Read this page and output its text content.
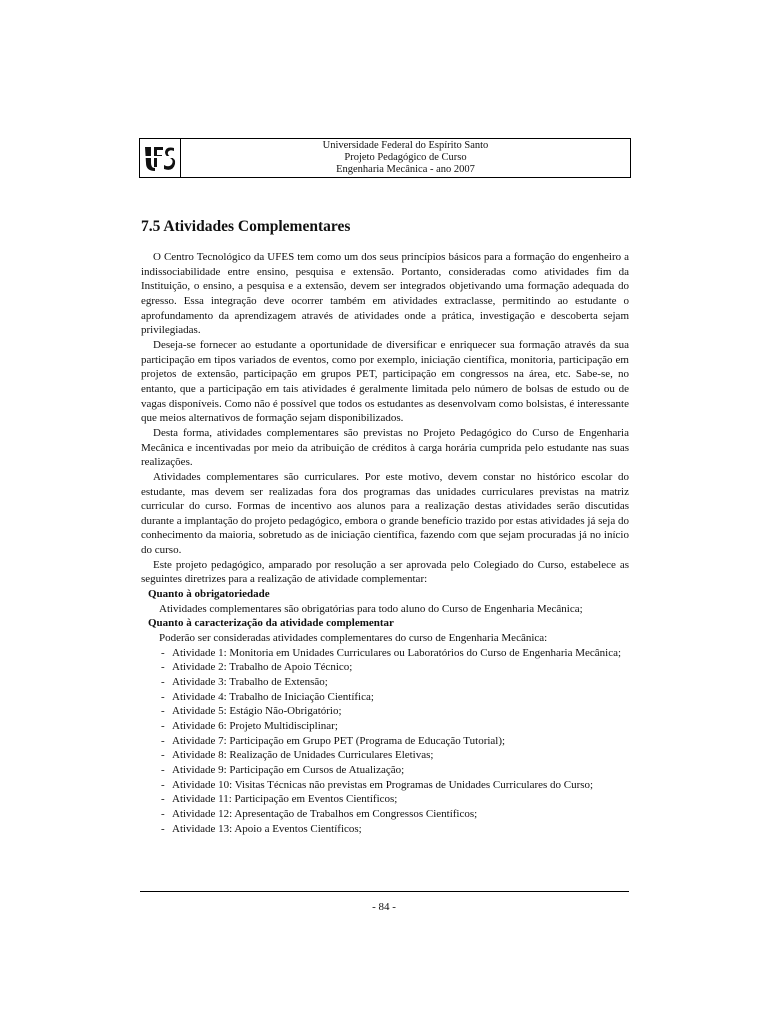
Universidade Federal do Espírito Santo
Projeto Pedagógico de Curso
Engenharia Mecânica - ano 2007
7.5 Atividades Complementares

O Centro Tecnológico da UFES tem como um dos seus princípios básicos para a formação do engenheiro a indissociabilidade entre ensino, pesquisa e extensão. Portanto, consideradas como atividades fim da Instituição, o ensino, a pesquisa e a extensão, devem ser integrados objetivando uma formação adequada do egresso. Essa integração deve ocorrer também em atividades extraclasse, permitindo ao estudante o aprofundamento da aprendizagem através de atividades onde a prática, investigação e descoberta sejam privilegiadas.

Deseja-se fornecer ao estudante a oportunidade de diversificar e enriquecer sua formação através da sua participação em tipos variados de eventos, como por exemplo, iniciação científica, monitoria, participação em projetos de extensão, participação em grupos PET, participação em congressos na área, etc. Sabe-se, no entanto, que a participação em tais atividades é geralmente limitada pelo número de bolsas de estudo ou de vagas disponíveis. Como não é possível que todos os estudantes as desenvolvam como bolsistas, é interessante que meios alternativos de formação sejam disponibilizados.

Desta forma, atividades complementares são previstas no Projeto Pedagógico do Curso de Engenharia Mecânica e incentivadas por meio da atribuição de créditos à carga horária cumprida pelo estudante nas suas realizações.

Atividades complementares são curriculares. Por este motivo, devem constar no histórico escolar do estudante, mas devem ser realizadas fora dos programas das unidades curriculares previstas na matriz curricular do curso. Formas de incentivo aos alunos para a realização destas atividades serão discutidas durante a implantação do projeto pedagógico, embora o grande benefício trazido por estas atividades já seja do conhecimento da maioria, sobretudo as de iniciação científica, fazendo com que sejam procuradas já no início do curso.

Este projeto pedagógico, amparado por resolução a ser aprovada pelo Colegiado do Curso, estabelece as seguintes diretrizes para a realização de atividade complementar:

Quanto à obrigatoriedade

Atividades complementares são obrigatórias para todo aluno do Curso de Engenharia Mecânica;

Quanto à caracterização da atividade complementar

Poderão ser consideradas atividades complementares do curso de Engenharia Mecânica:

- Atividade 1: Monitoria em Unidades Curriculares ou Laboratórios do Curso de Engenharia Mecânica;
- Atividade 2: Trabalho de Apoio Técnico;
- Atividade 3: Trabalho de Extensão;
- Atividade 4: Trabalho de Iniciação Científica;
- Atividade 5: Estágio Não-Obrigatório;
- Atividade 6: Projeto Multidisciplinar;
- Atividade 7: Participação em Grupo PET (Programa de Educação Tutorial);
- Atividade 8: Realização de Unidades Curriculares Eletivas;
- Atividade 9: Participação em Cursos de Atualização;
- Atividade 10: Visitas Técnicas não previstas em Programas de Unidades Curriculares do Curso;
- Atividade 11: Participação em Eventos Científicos;
- Atividade 12: Apresentação de Trabalhos em Congressos Científicos;
- Atividade 13: Apoio a Eventos Científicos;
- 84 -
